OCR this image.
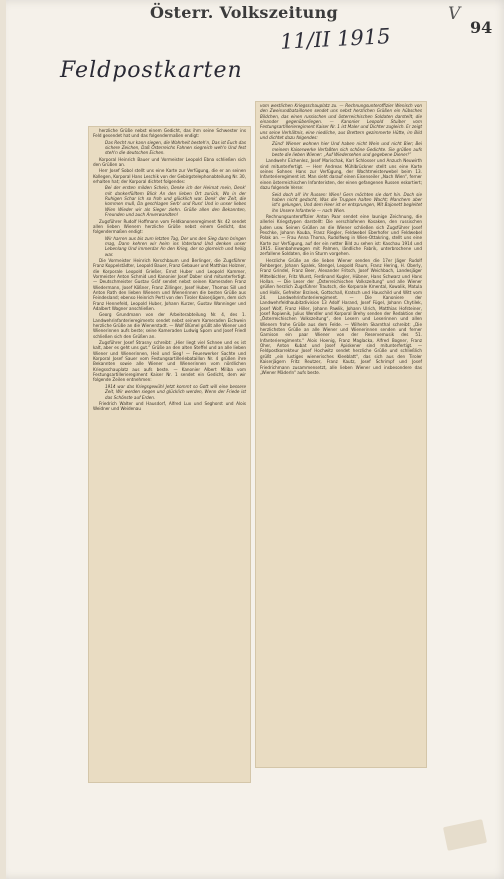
Österr. Volkszeitung	V
94
11/II 1915
Feldpostkarten

herzliche Grüße nebst einem Gedicht, das ihm seine Schwester ins Feld gesendet hat und das folgendermaßen endigt:

Das Recht nur kann siegen, die Wahrheit besteh'n, Das ist Euch das sichere Zeichen, Daß Österreichs Fahnen siegreich weh'n Und fest steh'n die deutschen Eichen.

Korporal Heinrich Bauer und Vormeister Leopold Ebna schließen sich den Grüßen an.

Herr Josef Sobol stellt uns eine Karte zur Verfügung, die er an seinen Kollegen, Korporal Hans Leschik von der Gebirgstelephonabteilung Nr. 30, erhalten hat; der Korporal dichtet folgendes:

Bei der ersten milden Schein, Denke ich der Heimat mein, Denk' mit dankerfülltem Blick An den lieben Ort zurück, Wo in der Ruhigen Schar Ich so froh und glücklich war. Denk' der Zeit, die kommen muß, Da geschlagen Serb' und Russ' Und in unser liebes Wien Wieder wir als Sieger ziehn. Grüße allen den Bekannten, Freunden und auch Anverwandten!

Zugsführer Rudolf Hoffmann vom Feldkanonenregiment Nr. 42 sendet allen lieben Wienern herzliche Grüße nebst einem Gedicht, das folgendermaßen endigt:

Wir harren aus bis zum letzten Tag, Der uns den Sieg dann bringen mag, Dann kehren wir heim ins Vaterland Und denken unser Lebenlang Und immerdar An den Krieg, der so glorreich und heilig war.

Die Vormeister Heinrich Kerschbaum und Berlinger, die Zugsführer Franz Koppelstädter, Leopold Bauer, Franz Gebauer und Matthias Holzner, die Korporale Leopold Grießer, Ernst Huber und Leopold Kammer, Vormeister Anton Schmid und Kanonier Josef Daber sind mitunterfertigt. — Deutschmeister Gustav Gräf sendet nebst seinen Kameraden Franz Wiedermann, Josef Kößner, Franz Zillinger, Josef Huber, Thomas Sill und Anton Rath den lieben Wienern und Wienerinnen die besten Grüße aus Feindesland; ebenso Heinrich Pertl von den Tiroler Kaiserjägern, dem sich Franz Hennefeld, Leopold Huber, Johann Kurzer, Gustav Wanninger und Adalbert Wagner anschließen.

Georg Grundmann von der Arbeiterabteilung Nr. 4, des 1. Landwehrinfanterieregiments sendet nebst seinem Kameraden Eichwein herzliche Grüße an die Wienerstadt. — Wolf Blümel grüßt alle Wiener und Wienerinnen aufs beste; seine Kameraden Ludwig Sporn und Josef Friedl schließen sich den Grüßen an.

Zugsführer Josef Strasny schreibt: „Hier liegt viel Schnee und es ist kalt, aber es geht uns gut.“ Grüße an den alten Steffel und an alle lieben Wiener und Wienerinnen, Heil und Sieg! — Feuerwerker Sachte und Korporal Josef Sauer vom Festungsartilleriebataillon Nr. 4 grüßen ihre Bekannten sowie alle Wiener und Wienerinnen vom nördlichen Kriegsschauplatz aus aufs beste. — Kanonier Albert Miliba vom Festungsartillerieregiment Kaiser Nr. 1 sendet ein Gedicht, dem wir folgende Zeilen entnehmen:

1914 war das Kriegsgewühl Jetzt kommt so Gott will eine bessere Zeit, Wir werden siegen und glücklich werden, Wenn der Friede ist das Schönste auf Erden.

Friedrich Walter und Hausdorf, Alfred Lux und Seghorst und Alois Weidner und Weidenau

vom westlichen Kriegsschauplatz zu. — Rechnungsunteroffizier Wenisch von den Zweirundbataillonen sendet uns nebst herzlichen Grüßen ein hübsches Bildchen, das einen russischen und österreichischen Soldaten darstellt, die einander gegenüberliegen. — Kanonier Leopold Stuiber vom Festungsartillerieregiment Kaiser Nr. 1 ist Maler und Dichter zugleich. Er zeigt uns seine Verhältnis, eine niedliche, aus Brettern gezimmerte Hütte, im Bild und dichtet dazu folgendes:

Zünd' Wiener wohnen hier Und haben nicht Wein und nicht Bier; Bei meinem Kaiserwerke Verfaßten sich schöne Gedichte. Sie grüßen aufs beste die lieben Wiener: „Auf Wiedersehen und gegebene Diener!“

Landwehr Eichenlez, Josef Marischak, Karl Schlosser und Anzuch Neuwirth sind mitunterfertigt. — Herr Andreas Mühlbrückner stellt uns eine Karte seines Sohnes Hans zur Verfügung, der Wachtmeisterwebel beim 13. Infanterieregiment ist. Man sieht darauf einen Eisenseiler „Nach Wien“, ferner einen österreichischen Infanteristen, der einen gefangenen Russen eskortiert; dazu folgende Verse:

Seid doch all' ihr Russen: Wien! Gern möchten sie dort hin. Doch sie haben nicht gedacht, Was die Truppen halten Wacht; Manchem aber ist's gelungen, Und dem Heer ist er entsprungen, Mit Bajonett begleitet ihn Unsere Infanterie — nach Wien.

Rechnungsunteroffizier Anton Paar sendet eine launige Zeichnung, die allerlei Kriegstypen darstellt: Die verschlafenen Kosaken, den russischen Juden usw. Seinen Grüßen an die Wiener schließen sich Zugsführer Josef Peschke, Johann Kouba, Franz Riegler, Feldwebel Eberhofer und Feldwebel Polak an. — Frau Anna Thoma, Rudolfweg in Wien-Ottakring, stellt uns eine Karte zur Verfügung, auf der ein netter Bild zu sehen ist: Kaschau 1914 und 1915. Eisenbahnwagen mit Palmen, ländliche Fabrik, unterbrochene und zerfallene Soldaten, die in Sturm vorgehen.

Herzliche Grüße an die lieben Wiener senden die 17er Jäger Rudolf Rehberger, Johann Spalek, Stengel, Leopold Raum, Franz Hering, H. Oberly, Franz Grindel, Franz Beer, Alexander Fritsch, Josef Weichbach, Landesjäger Mittelbichler, Fritz Wurst, Ferdinand Kugler, Hübner, Hans Schwarz und Hans Hollan. — Die Leser der „Österreichischen Volkszeitung“ und alle Wiener grüßen herzlich Zugsführer Trautsch, die Korporale Kmental, Kowalik, Matula und Holik, Gefreiter Brzinek, Gottschall, Kratsch und Hauschild und Witt vom 24. Landwehrinfanterieregiment. — Die Kanoniere der Landwehrfeldhaubitzdivision 13 Adolf Harand, Josef Fügel, Johann Chytilek, Josef Wolf, Franz Hiller, Johann Pawlik, Johann Ulrich, Matthias Hofsteiner, Josef Ropiwnik, Julius Wendler und Korporal Brehy senden der Redaktion der „Österreichischen Volkszeitung“, den Lesern und Leserinnen und allen Wienern frohe Grüße aus dem Felde. — Wilhelm Skarnthal schreibt: „Die herzlichsten Grüße an alle Wiener und Wienerinnen senden und ferner Garnison ein paar Wiener von der Reservemusik des 51. Infanterieregiments.“ Alois Hoenig, Franz Maglacka, Alfred Bogner, Franz Oher, Anton Kubat und Josef Apiskener sind mitunterfertigt. — Feldpostkorrekteur Josef Hochwitz sendet herzliche Grüße und schließlich grüßt „ein lustiges wienerisches Kleeblatt“, das sich aus den Tiroler Kaiserjägern Fritz Reutzer, Franz Kautz, Josef Schrimpf und Josef Friedrichmann zusammensetzt, alle lieben Wiener und insbesondere das „Wiener Mäderln“ aufs beste.
